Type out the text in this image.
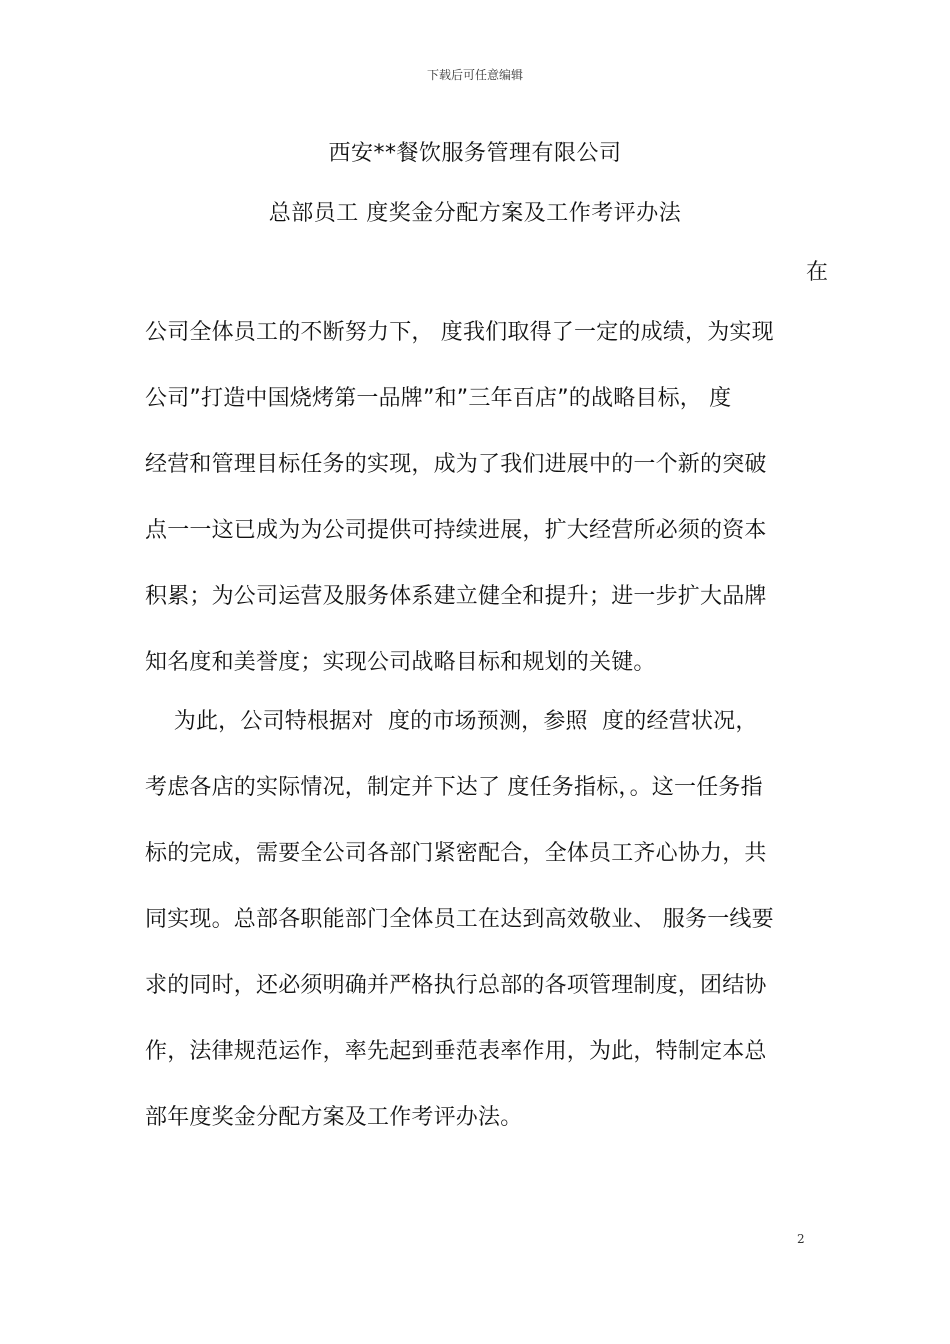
下载后可任意编辑
西安**餐饮服务管理有限公司
总部员工 度奖金分配方案及工作考评办法
在
公司全体员工的不断努力下， 度我们取得了一定的成绩，为实现
公司”打造中国烧烤第一品牌”和”三年百店”的战略目标， 度
经营和管理目标任务的实现，成为了我们进展中的一个新的突破
点一一这已成为为公司提供可持续进展，扩大经营所必须的资本
积累；为公司运营及服务体系建立健全和提升；进一步扩大品牌
知名度和美誉度；实现公司战略目标和规划的关键。
为此，公司特根据对  度的市场预测，参照  度的经营状况，
考虑各店的实际情况，制定并下达了 度任务指标，。这一任务指
标的完成，需要全公司各部门紧密配合，全体员工齐心协力，共
同实现。总部各职能部门全体员工在达到高效敬业、 服务一线要
求的同时，还必须明确并严格执行总部的各项管理制度，团结协
作，法律规范运作，率先起到垂范表率作用，为此，特制定本总
部年度奖金分配方案及工作考评办法。
2
